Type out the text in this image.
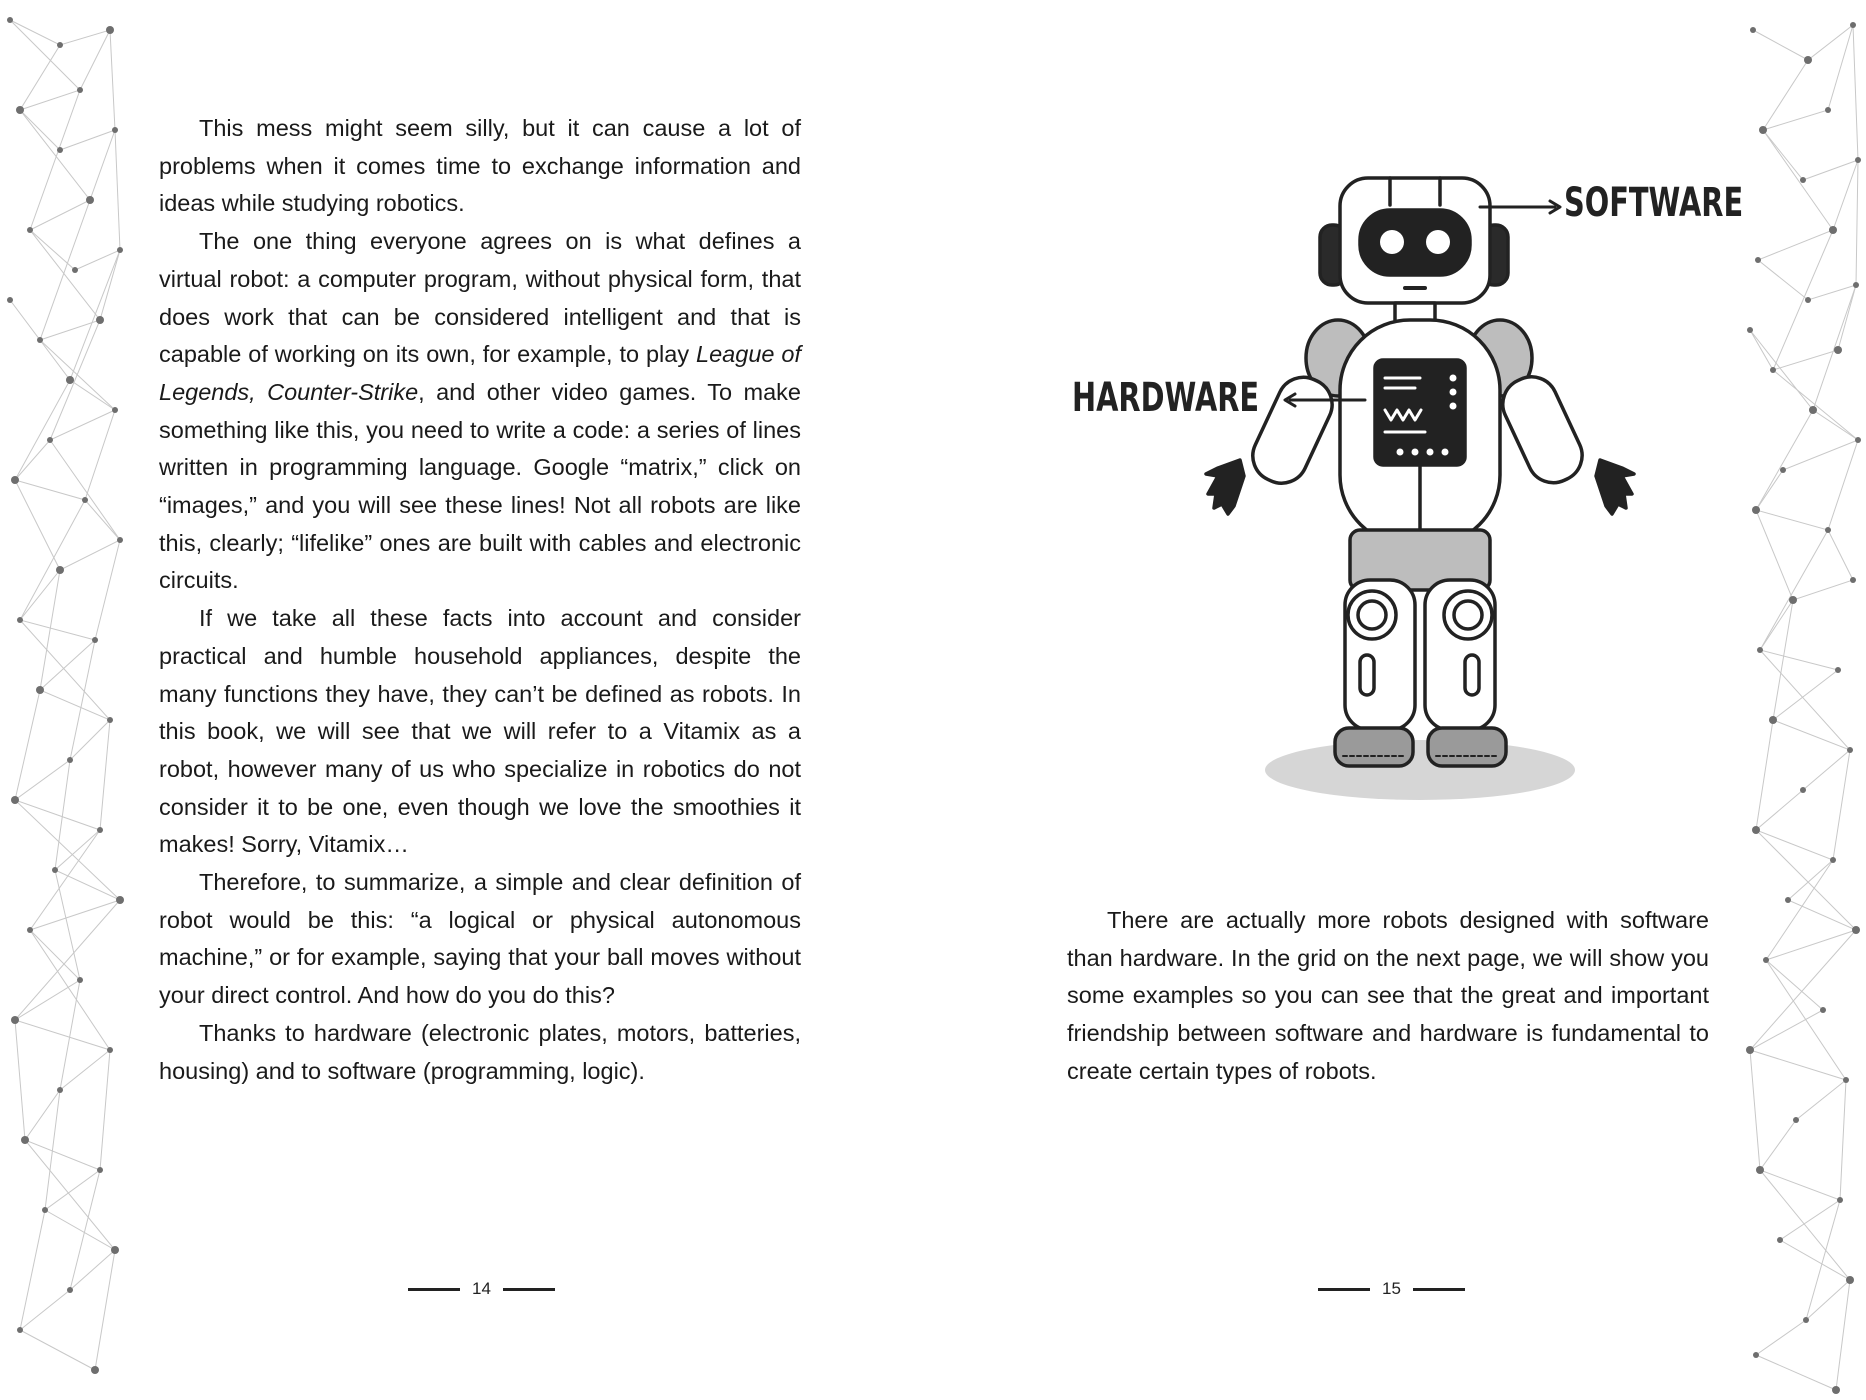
This mess might seem silly, but it can cause a lot of problems when it comes time to exchange information and ideas while studying robotics.

The one thing everyone agrees on is what defines a virtual robot: a computer program, without physical form, that does work that can be considered intelligent and that is capable of working on its own, for example, to play League of Legends, Counter-Strike, and other video games. To make something like this, you need to write a code: a series of lines written in programming language. Google “matrix,” click on “images,” and you will see these lines! Not all robots are like this, clearly; “lifelike” ones are built with cables and electronic circuits.

If we take all these facts into account and consider practical and humble household appliances, despite the many functions they have, they can’t be defined as robots. In this book, we will see that we will refer to a Vitamix as a robot, however many of us who specialize in robotics do not consider it to be one, even though we love the smoothies it makes! Sorry, Vitamix…

Therefore, to summarize, a simple and clear definition of robot would be this: “a logical or physical autonomous machine,” or for example, saying that your ball moves without your direct control. And how do you do this?

Thanks to hardware (electronic plates, motors, batteries, housing) and to software (programming, logic).

14
SOFTWARE
HARDWARE

There are actually more robots designed with software than hardware. In the grid on the next page, we will show you some examples so you can see that the great and important friendship between software and hardware is fundamental to create certain types of robots.

15
